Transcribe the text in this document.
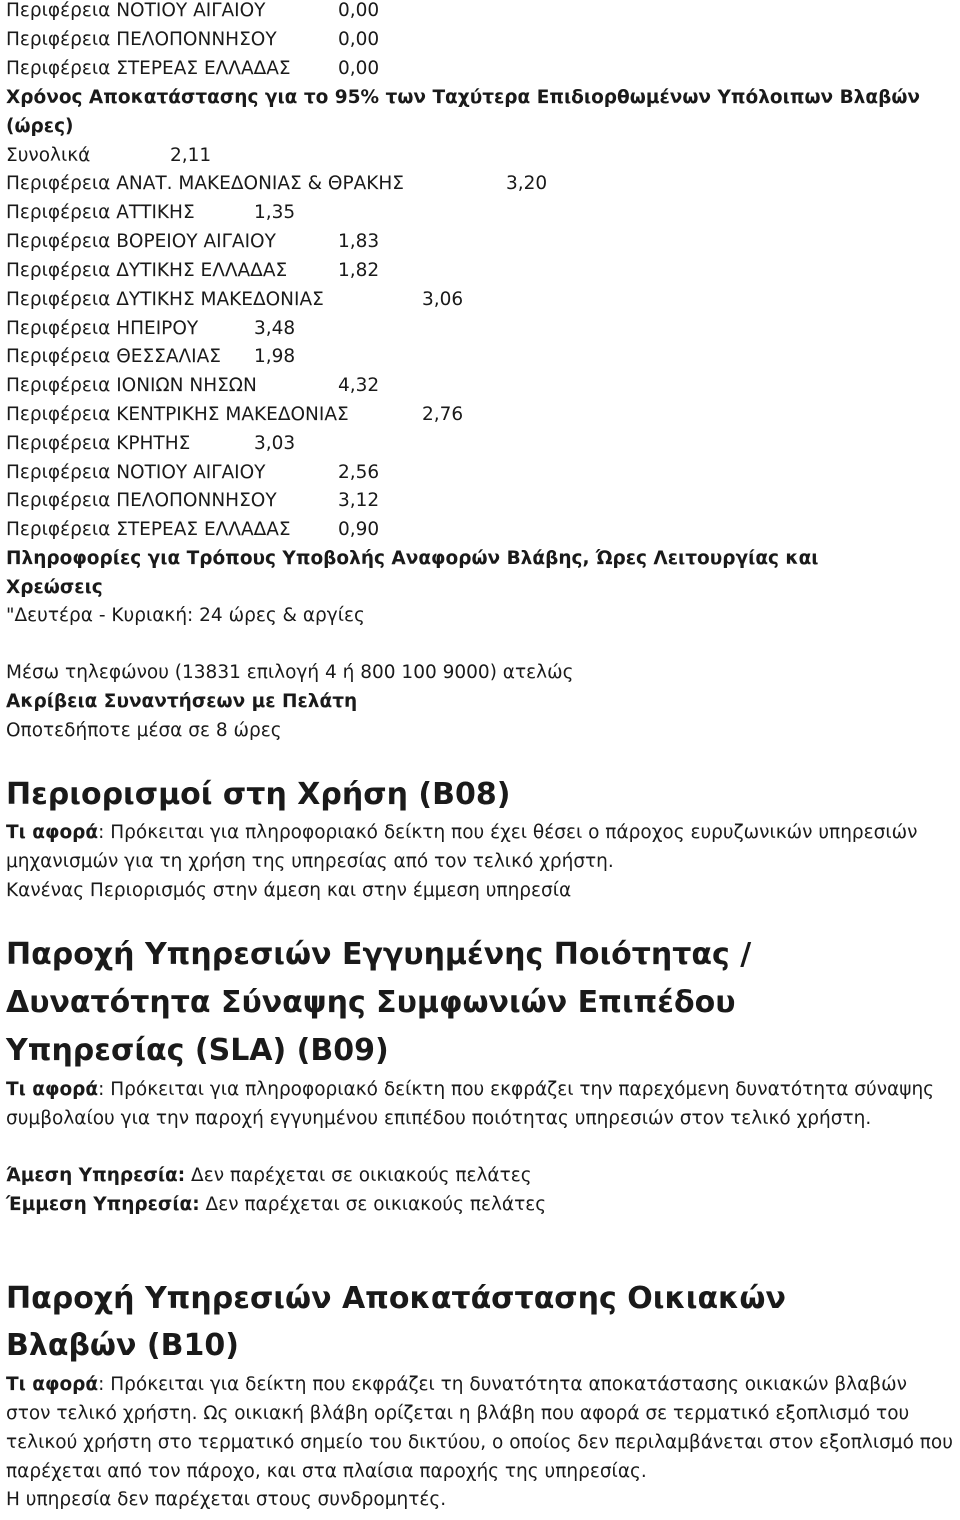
Περιφέρεια ΝΟΤΙΟΥ ΑΙΓΑΙΟΥ	0,00
Περιφέρεια ΠΕΛΟΠΟΝΝΗΣΟΥ	0,00
Περιφέρεια ΣΤΕΡΕΑΣ ΕΛΛΑΔΑΣ	0,00
Χρόνος Αποκατάστασης για το 95% των Ταχύτερα Επιδιορθωμένων Υπόλοιπων Βλαβών
(ώρες)
Συνολικά	2,11
Περιφέρεια ΑΝΑΤ. ΜΑΚΕΔΟΝΙΑΣ & ΘΡΑΚΗΣ	3,20
Περιφέρεια ΑΤΤΙΚΗΣ	1,35
Περιφέρεια ΒΟΡΕΙΟΥ ΑΙΓΑΙΟΥ	1,83
Περιφέρεια ΔΥΤΙΚΗΣ ΕΛΛΑΔΑΣ	1,82
Περιφέρεια ΔΥΤΙΚΗΣ ΜΑΚΕΔΟΝΙΑΣ	3,06
Περιφέρεια ΗΠΕΙΡΟΥ	3,48
Περιφέρεια ΘΕΣΣΑΛΙΑΣ 1,98
Περιφέρεια ΙΟΝΙΩΝ ΝΗΣΩΝ	4,32
Περιφέρεια ΚΕΝΤΡΙΚΗΣ ΜΑΚΕΔΟΝΙΑΣ	2,76
Περιφέρεια ΚΡΗΤΗΣ	3,03
Περιφέρεια ΝΟΤΙΟΥ ΑΙΓΑΙΟΥ	2,56
Περιφέρεια ΠΕΛΟΠΟΝΝΗΣΟΥ	3,12
Περιφέρεια ΣΤΕΡΕΑΣ ΕΛΛΑΔΑΣ	0,90
Πληροφορίες για Τρόπους Υποβολής Αναφορών Βλάβης, Ώρες Λειτουργίας και
Χρεώσεις
"Δευτέρα - Κυριακή: 24 ώρες & αργίες
Μέσω τηλεφώνου (13831 επιλογή 4 ή 800 100 9000) ατελώς
Ακρίβεια Συναντήσεων με Πελάτη
Οποτεδήποτε μέσα σε 8 ώρες
Περιορισμοί στη Χρήση (B08)
Τι αφορά: Πρόκειται για πληροφοριακό δείκτη που έχει θέσει ο πάροχος ευρυζωνικών υπηρεσιών μηχανισμών για τη χρήση της υπηρεσίας από τον τελικό χρήστη.
Κανένας Περιορισμός στην άμεση και στην έμμεση υπηρεσία
Παροχή Υπηρεσιών Εγγυημένης Ποιότητας /
Δυνατότητα Σύναψης Συμφωνιών Επιπέδου
Υπηρεσίας (SLA) (B09)
Τι αφορά: Πρόκειται για πληροφοριακό δείκτη που εκφράζει την παρεχόμενη δυνατότητα σύναψης συμβολαίου για την παροχή εγγυημένου επιπέδου ποιότητας υπηρεσιών στον τελικό χρήστη.
Άμεση Υπηρεσία: Δεν παρέχεται σε οικιακούς πελάτες
Έμμεση Υπηρεσία: Δεν παρέχεται σε οικιακούς πελάτες
Παροχή Υπηρεσιών Αποκατάστασης Οικιακών
Βλαβών (B10)
Τι αφορά: Πρόκειται για δείκτη που εκφράζει τη δυνατότητα αποκατάστασης οικιακών βλαβών στον τελικό χρήστη. Ως οικιακή βλάβη ορίζεται η βλάβη που αφορά σε τερματικό εξοπλισμό του τελικού χρήστη στο τερματικό σημείο του δικτύου, ο οποίος δεν περιλαμβάνεται στον εξοπλισμό που παρέχεται από τον πάροχο, και στα πλαίσια παροχής της υπηρεσίας.
Η υπηρεσία δεν παρέχεται στους συνδρομητές.
